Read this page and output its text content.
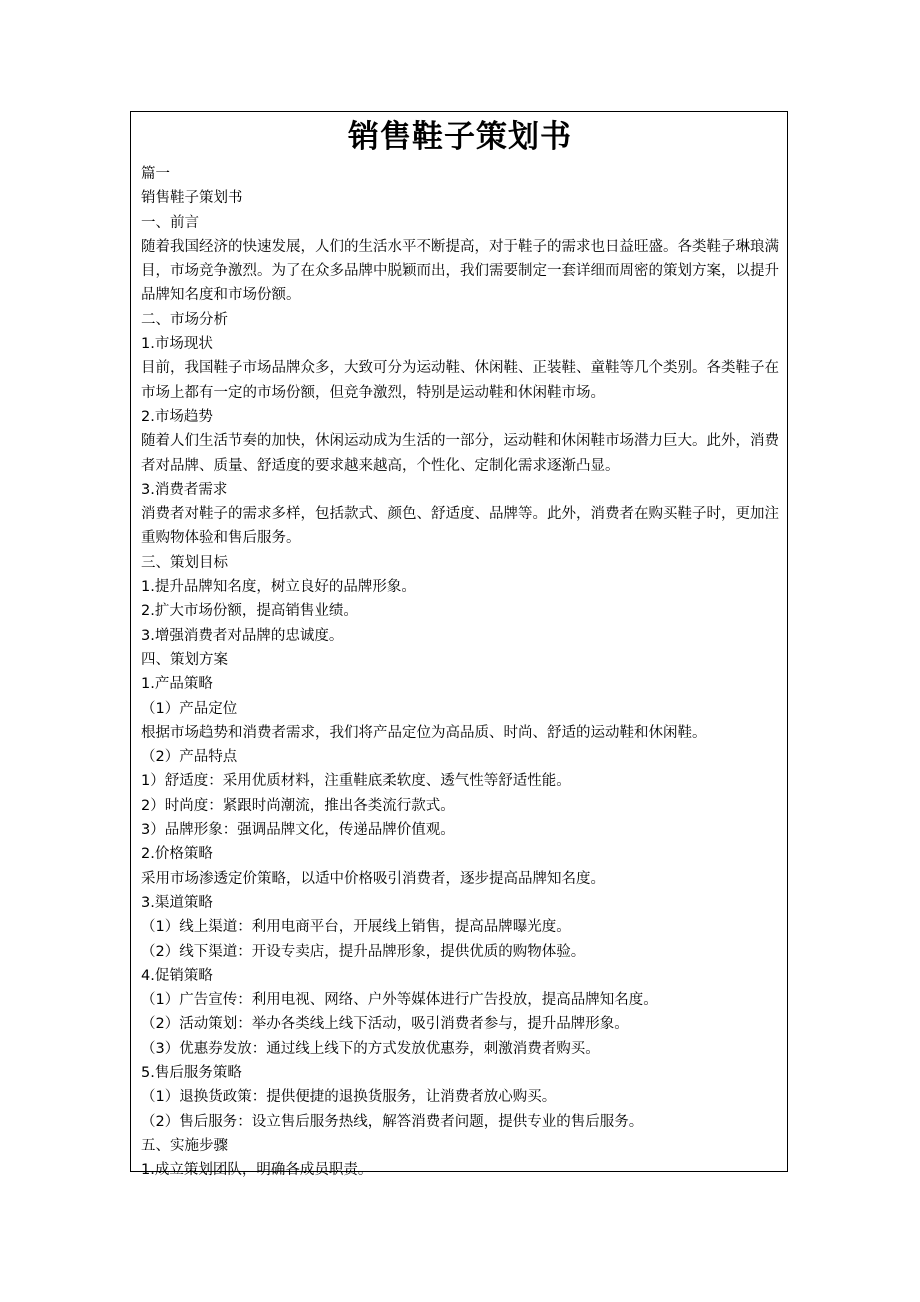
销售鞋子策划书

篇一

销售鞋子策划书

一、前言

随着我国经济的快速发展，人们的生活水平不断提高，对于鞋子的需求也日益旺盛。各类鞋子琳琅满目，市场竞争激烈。为了在众多品牌中脱颖而出，我们需要制定一套详细而周密的策划方案，以提升品牌知名度和市场份额。

二、市场分析

1.市场现状

目前，我国鞋子市场品牌众多，大致可分为运动鞋、休闲鞋、正装鞋、童鞋等几个类别。各类鞋子在市场上都有一定的市场份额，但竞争激烈，特别是运动鞋和休闲鞋市场。

2.市场趋势

随着人们生活节奏的加快，休闲运动成为生活的一部分，运动鞋和休闲鞋市场潜力巨大。此外，消费者对品牌、质量、舒适度的要求越来越高，个性化、定制化需求逐渐凸显。

3.消费者需求

消费者对鞋子的需求多样，包括款式、颜色、舒适度、品牌等。此外，消费者在购买鞋子时，更加注重购物体验和售后服务。

三、策划目标

1.提升品牌知名度，树立良好的品牌形象。

2.扩大市场份额，提高销售业绩。

3.增强消费者对品牌的忠诚度。

四、策划方案

1.产品策略

（1）产品定位

根据市场趋势和消费者需求，我们将产品定位为高品质、时尚、舒适的运动鞋和休闲鞋。

（2）产品特点

1）舒适度：采用优质材料，注重鞋底柔软度、透气性等舒适性能。

2）时尚度：紧跟时尚潮流，推出各类流行款式。

3）品牌形象：强调品牌文化，传递品牌价值观。

2.价格策略

采用市场渗透定价策略，以适中价格吸引消费者，逐步提高品牌知名度。

3.渠道策略

（1）线上渠道：利用电商平台，开展线上销售，提高品牌曝光度。

（2）线下渠道：开设专卖店，提升品牌形象，提供优质的购物体验。

4.促销策略

（1）广告宣传：利用电视、网络、户外等媒体进行广告投放，提高品牌知名度。

（2）活动策划：举办各类线上线下活动，吸引消费者参与，提升品牌形象。

（3）优惠券发放：通过线上线下的方式发放优惠券，刺激消费者购买。

5.售后服务策略

（1）退换货政策：提供便捷的退换货服务，让消费者放心购买。

（2）售后服务：设立售后服务热线，解答消费者问题，提供专业的售后服务。

五、实施步骤

1.成立策划团队，明确各成员职责。
